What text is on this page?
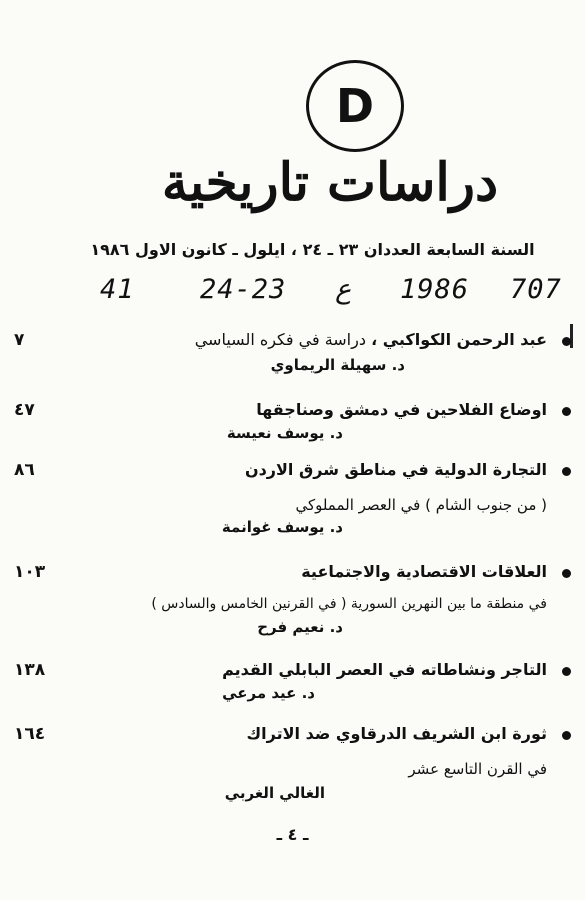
D
دراسات تاريخية
السنة السابعة العددان ٢٣ ـ ٢٤ ، ايلول ـ كانون الاول ١٩٨٦
41 24-23 ع 1986 707
عبد الرحمن الكواكبي ، دراسة في فكره السياسي
د. سهيلة الريماوي
٧
اوضاع الفلاحين في دمشق وصناجقها
د. يوسف نعيسة
٤٧
التجارة الدولية في مناطق شرق الاردن
( من جنوب الشام ) في العصر المملوكي
د. يوسف غوانمة
٨٦
العلاقات الاقتصادية والاجتماعية
في منطقة ما بين النهرين السورية ( في القرنين الخامس والسادس )
د. نعيم فرح
١٠٣
التاجر ونشاطاته في العصر البابلي القديم
د. عيد مرعي
١٣٨
ثورة ابن الشريف الدرقاوي ضد الاتراك
في القرن التاسع عشر
الغالي الغربي
١٦٤
ـ ٤ ـ
